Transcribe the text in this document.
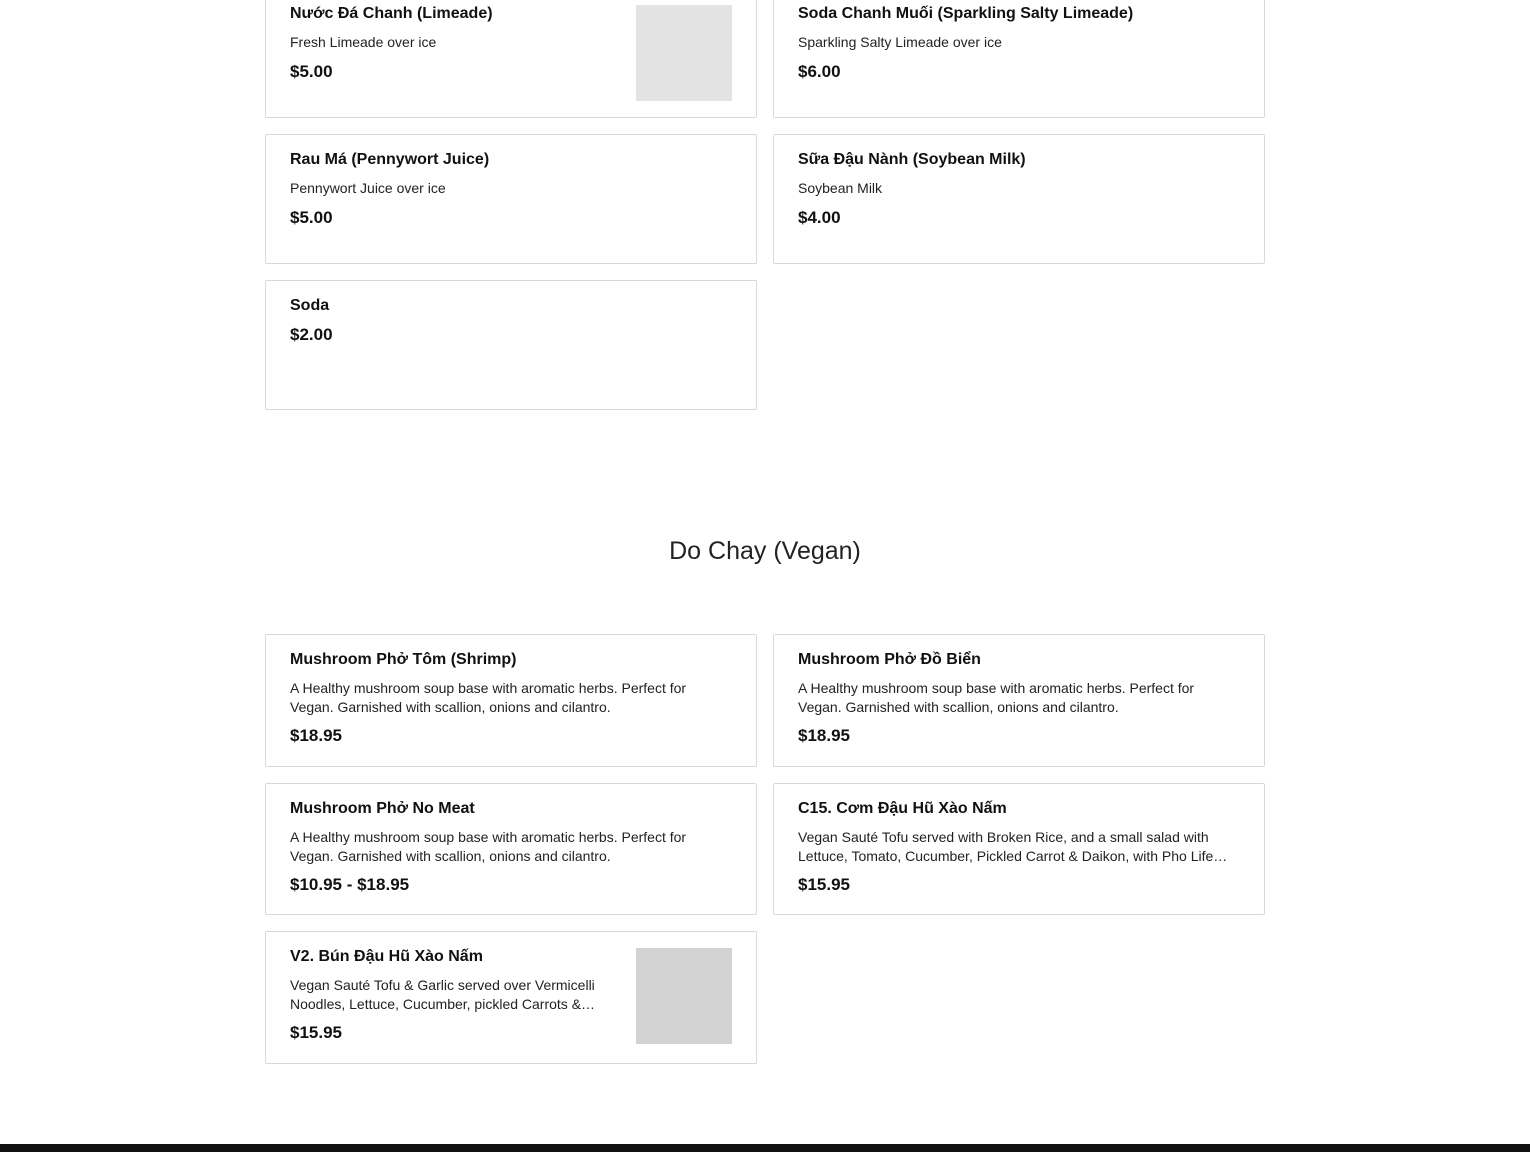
Nước Đá Chanh (Limeade)
Fresh Limeade over ice
$5.00
Soda Chanh Muối (Sparkling Salty Limeade)
Sparkling Salty Limeade over ice
$6.00
Rau Má (Pennywort Juice)
Pennywort Juice over ice
$5.00
Sữa Đậu Nành (Soybean Milk)
Soybean Milk
$4.00
Soda
$2.00
Do Chay (Vegan)
Mushroom Phở Tôm (Shrimp)
A Healthy mushroom soup base with aromatic herbs. Perfect for Vegan. Garnished with scallion, onions and cilantro.
$18.95
Mushroom Phở Đồ Biển
A Healthy mushroom soup base with aromatic herbs. Perfect for Vegan. Garnished with scallion, onions and cilantro.
$18.95
Mushroom Phở No Meat
A Healthy mushroom soup base with aromatic herbs. Perfect for Vegan. Garnished with scallion, onions and cilantro.
$10.95 - $18.95
C15. Cơm Đậu Hũ Xào Nấm
Vegan Sauté Tofu served with Broken Rice, and a small salad with Lettuce, Tomato, Cucumber, Pickled Carrot & Daikon, with Pho Life…
$15.95
V2. Bún Đậu Hũ Xào Nấm
Vegan Sauté Tofu & Garlic served over Vermicelli Noodles, Lettuce, Cucumber, pickled Carrots &…
$15.95
